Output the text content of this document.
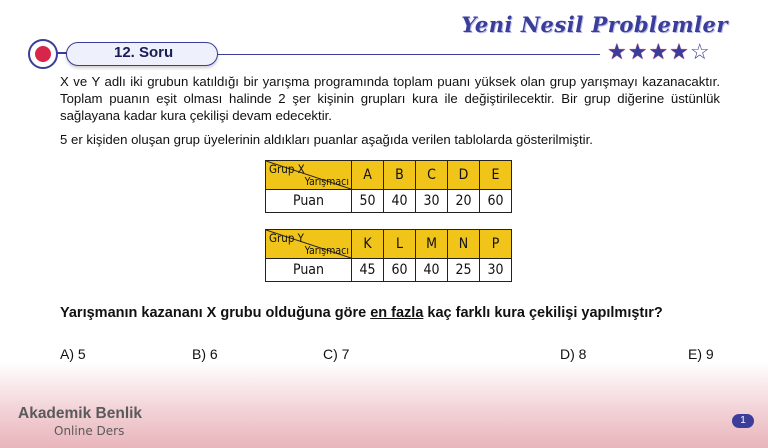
Yeni Nesil Problemler
12. Soru	★★★★☆
X ve Y adlı iki grubun katıldığı bir yarışma programında toplam puanı yüksek olan grup yarışmayı kazanacaktır. Toplam puanın eşit olması halinde 2 şer kişinin grupları kura ile değiştirilecektir. Bir grup diğerine üstünlük sağlayana kadar kura çekilişi devam edecektir.
5 er kişiden oluşan grup üyelerinin aldıkları puanlar aşağıda verilen tablolarda gösterilmiştir.
Grup X
Yarışmacı	A	B	C	D	E
Puan	50	40	30	20	60
Grup Y
Yarışmacı	K	L	M	N	P
Puan	45	60	40	25	30
Yarışmanın kazananı X grubu olduğuna göre en fazla kaç farklı kura çekilişi yapılmıştır?
A) 5	B) 6	C) 7	D) 8	E) 9
Akademik Benlik
Online Ders
1
